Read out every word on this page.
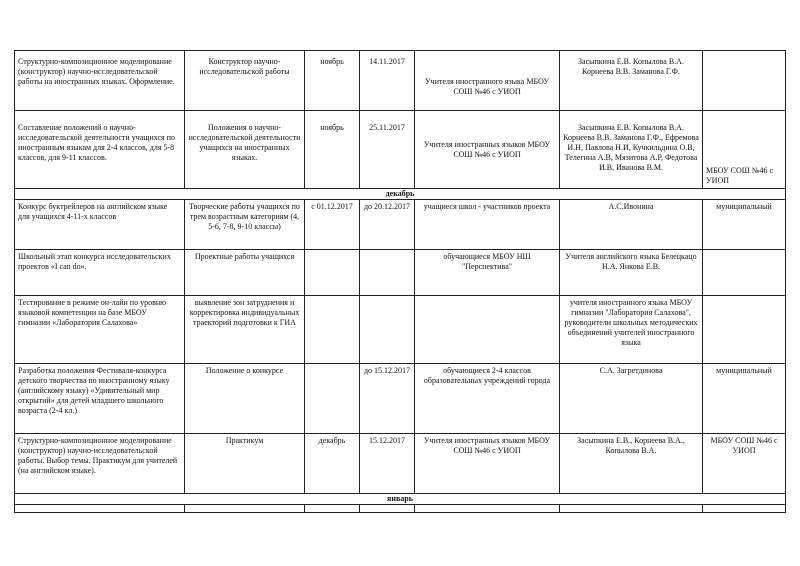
Структурно-композиционное моделирование (конструктор) научно-исследовательской работы на иностранных языках. Оформление.	Конструктор научно-исследовательской работы	ноябрь	14.11.2017	Учителя иностранного языка МБОУ СОШ №46 с УИОП	Засыпкина Е.В. Копылова В.А. Корнеева В.В. Заманова Г.Ф.	
Составление положений о научно-исследовательской деятельности учащихся по иностранным языкам для 2-4 классов, для 5-8 классов, для 9-11 классов.	Положения о научно-исследовательской деятельности учащихся на иностранных языках.	ноябрь	25.11.2017	Учителя иностранных языков МБОУ СОШ №46 с УИОП	Засыпкина Е.В. Копылова В.А. Корнеева В.В. Заманова Г.Ф., Ефремова И.Н, Павлова Н.И, Кучкильдина О.В, Телегина А.В, Мязитова А.Р, Федотова И.В, Иванова В.М.	МБОУ СОШ №46 с УИОП
декабрь						
Конкурс буктрейлеров на английском языке для учащихся 4-11-х классов	Творческие работы учащихся по трем возрастным категориям (4, 5-6, 7-8, 9-10 классы)	с 01.12.2017	до 20.12.2017	учащиеся школ - участников проекта	А.С.Ивонина	муниципальный
Школьный этап конкурса исследовательских проектов «I can do».	Проектные работы учащихся			обучающиеся МБОУ НШ "Перспектива"	Учителя английского языка Белецкацо Н.А. Янкова Е.В.	
Тестирование в режиме он-лайн по уровню языковой компетенции на базе МБОУ гимназии «Лаборатория Салахова»	выявление зон затруднения и корректировка индивидуальных траекторий подготовки к ГИА				учителя иностранного языка МБОУ гимназии "Лаборатория Салахова", руководители школьных методических объединений учителей иностранного языка	
Разработка положения Фестиваля-конкурса детского творчества по иностранному языку (английскому языку) «Удивительный мир открытий» для детей младшего школьного возраста (2-4 кл.)	Положение о конкурсе		до 15.12.2017	обучающиеся 2-4 классов образовательных учреждений города	С.А. Загретдинова	муниципальный
Структурно-композиционное моделирование (конструктор) научно-исследовательской работы. Выбор темы. Практикум для учителей (на английском языке).	Практикум	декабрь	15.12.2017	Учителя иностранных языков МБОУ СОШ №46 с УИОП	Засыпкина Е.В., Корнеева В.А., Копылова В.А.	МБОУ СОШ №46 с УИОП
январь						
